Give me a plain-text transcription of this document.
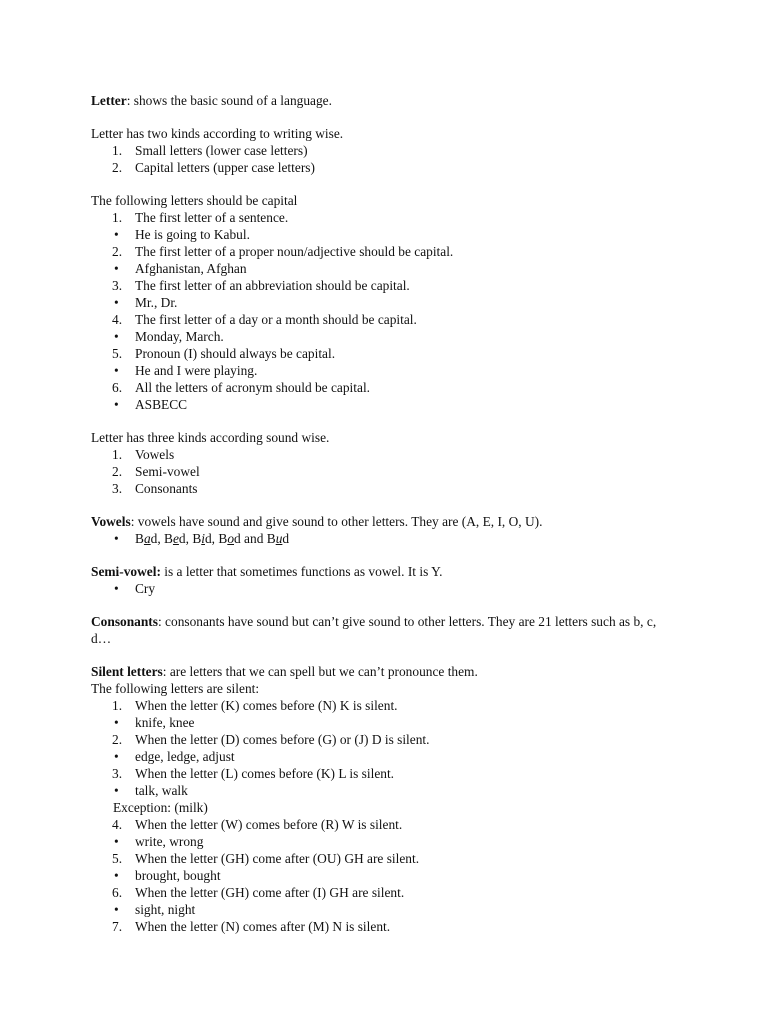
Letter: shows the basic sound of a language.
Letter has two kinds according to writing wise.
1. Small letters (lower case letters)
2. Capital letters (upper case letters)
The following letters should be capital
1. The first letter of a sentence.
•	He is going to Kabul.
2. The first letter of a proper noun/adjective should be capital.
•	Afghanistan, Afghan
3. The first letter of an abbreviation should be capital.
•	Mr., Dr.
4. The first letter of a day or a month should be capital.
•	Monday, March.
5. Pronoun (I) should always be capital.
•	He and I were playing.
6. All the letters of acronym should be capital.
•	ASBECC
Letter has three kinds according sound wise.
1. Vowels
2. Semi-vowel
3. Consonants
Vowels: vowels have sound and give sound to other letters. They are (A, E, I, O, U).
•	Bad, Bed, Bid, Bod and Bud
Semi-vowel: is a letter that sometimes functions as vowel. It is Y.
•	Cry
Consonants: consonants have sound but can’t give sound to other letters. They are 21 letters such as b, c,
d…
Silent letters: are letters that we can spell but we can’t pronounce them.
The following letters are silent:
1. When the letter (K) comes before (N) K is silent.
•	knife, knee
2. When the letter (D) comes before (G) or (J) D is silent.
•	edge, ledge, adjust
3. When the letter (L) comes before (K) L is silent.
•	talk, walk
Exception: (milk)
4. When the letter (W) comes before (R) W is silent.
•	write, wrong
5. When the letter (GH) come after (OU) GH are silent.
•	brought, bought
6. When the letter (GH) come after (I) GH are silent.
•	sight, night
7. When the letter (N) comes after (M) N is silent.
